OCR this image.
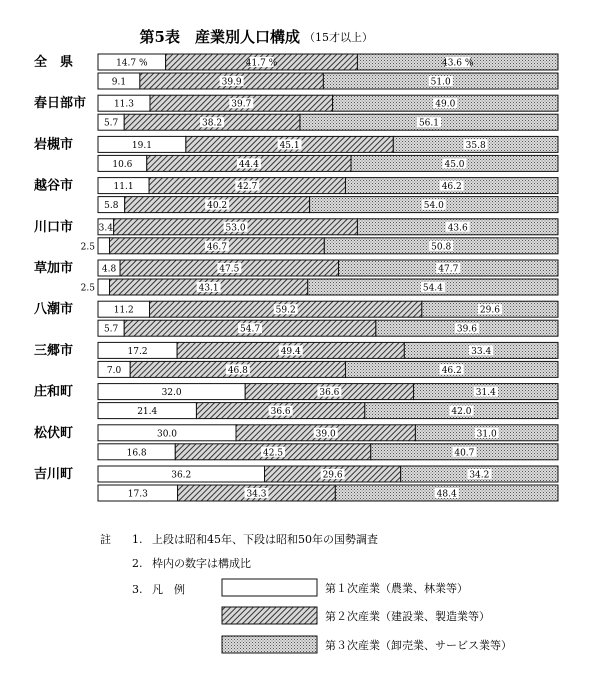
第5表　産業別人口構成 （15才以上）
全　県	14.7 %	41.7 %	43.6 %
9.1	39.9	51.0
春日部市	11.3	39.7	49.0
5.7	38.2	56.1
岩槻市	19.1	45.1	35.8
10.6	44.4	45.0
越谷市	11.1	42.7	46.2
5.8	40.2	54.0
川口市	3.4	53.0	43.6
2.5	46.7	50.8
草加市	4.8	47.5	47.7
2.5	43.1	54.4
八潮市	11.2	59.2	29.6
5.7	54.7	39.6
三郷市	17.2	49.4	33.4
7.0	46.8	46.2
庄和町	32.0	36.6	31.4
21.4	36.6	42.0
松伏町	30.0	39.0	31.0
16.8	42.5	40.7
吉川町	36.2	29.6	34.2
17.3	34.3	48.4
註 1. 上段は昭和45年、下段は昭和50年の国勢調査
2. 枠内の数字は構成比
3. 凡　例	第１次産業（農業、林業等）
第２次産業（建設業、製造業等）
第３次産業（卸売業、サービス業等）
